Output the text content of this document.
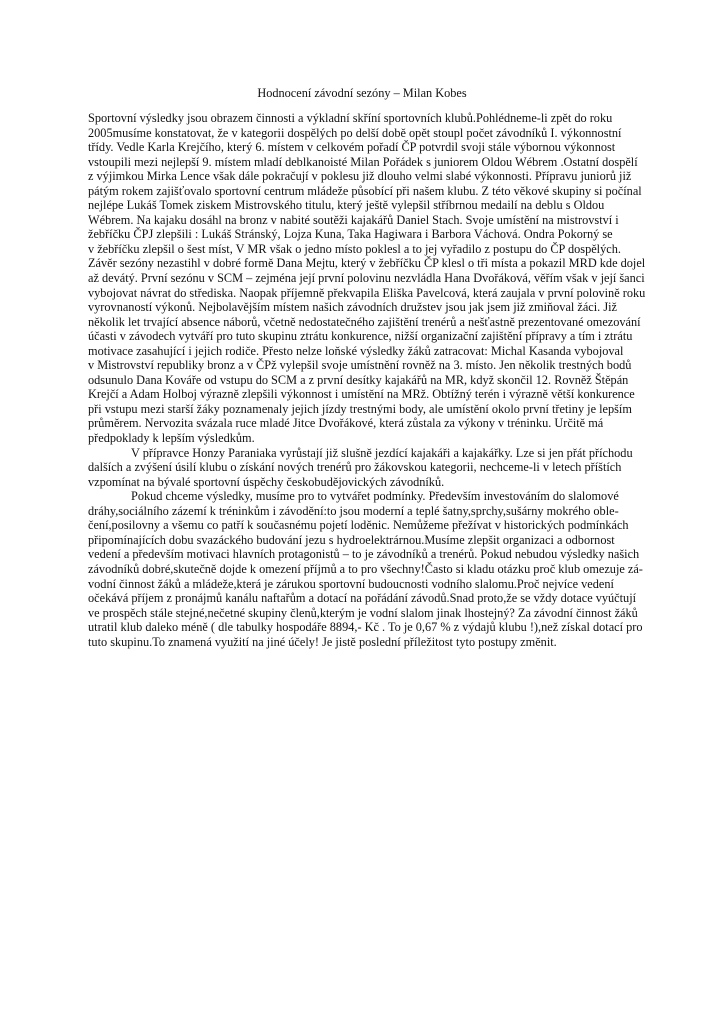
Hodnocení závodní sezóny – Milan Kobes

Sportovní výsledky jsou obrazem činnosti a výkladní skříní sportovních klubů.Pohlédneme-li zpět do roku
2005musíme konstatovat, že v kategorii dospělých po delší době opět stoupl počet závodníků I. výkonnostní
třídy. Vedle Karla Krejčího, který 6. místem v celkovém pořadí ČP potvrdil svoji stále výbornou výkonnost
vstoupili mezi nejlepší 9. místem mladí deblkanoisté Milan Pořádek s juniorem Oldou Wébrem .Ostatní dospělí
z výjimkou Mirka Lence však dále pokračují v poklesu již dlouho velmi slabé výkonnosti. Přípravu juniorů již
pátým rokem zajišťovalo sportovní centrum mládeže působící při našem klubu. Z této věkové skupiny si počínal
nejlépe Lukáš Tomek ziskem Mistrovského titulu, který ještě vylepšil stříbrnou medailí na deblu s Oldou
Wébrem. Na kajaku dosáhl na bronz v nabité soutěži kajakářů Daniel Stach. Svoje umístění na mistrovství i
žebříčku ČPJ zlepšili : Lukáš Stránský, Lojza Kuna, Taka Hagiwara i Barbora Váchová. Ondra Pokorný se
v žebříčku zlepšil o šest míst, V MR však o jedno místo poklesl a to jej vyřadilo z postupu do ČP dospělých.
Závěr sezóny nezastihl v dobré formě Dana Mejtu, který v žebříčku ČP klesl o tři místa a pokazil MRD kde dojel
až devátý. První sezónu v SCM – zejména její první polovinu nezvládla Hana Dvořáková, věřím však v její šanci
vybojovat návrat do střediska. Naopak příjemně překvapila Eliška Pavelcová, která zaujala v první polovině roku
vyrovnaností výkonů. Nejbolavějším místem našich závodních družstev jsou jak jsem již zmiňoval žáci. Již
několik let trvající absence náborů, včetně nedostatečného zajištění trenérů a nešťastně prezentované omezování
účasti v závodech vytváří pro tuto skupinu ztrátu konkurence, nižší organizační zajištění přípravy a tím i ztrátu
motivace zasahující i jejich rodiče. Přesto nelze loňské výsledky žáků zatracovat: Michal Kasanda vybojoval
v Mistrovství republiky bronz a v ČPž vylepšil svoje umístnění rovněž na 3. místo. Jen několik trestných bodů
odsunulo Dana Kováře od vstupu do SCM a z první desítky kajakářů na MR, když skončil 12. Rovněž Štěpán
Krejčí a Adam Holboj výrazně zlepšili výkonnost i umístění na MRž. Obtížný terén i výrazně větší konkurence
při vstupu mezi starší žáky poznamenaly jejich jízdy trestnými body, ale umístění okolo první třetiny je lepším
průměrem. Nervozita svázala ruce mladé Jitce Dvořákové, která zůstala za výkony v tréninku. Určitě má
předpoklady k lepším výsledkům.

V přípravce Honzy Paraniaka vyrůstají již slušně jezdící kajakáři a kajakářky. Lze si jen přát příchodu
dalších a zvýšení úsilí klubu o získání nových trenérů pro žákovskou kategorii, nechceme-li v letech příštích
vzpomínat na bývalé sportovní úspěchy českobudějovických závodníků.

Pokud chceme výsledky, musíme pro to vytvářet podmínky. Především investováním do slalomové
dráhy,sociálního zázemí k tréninkům i závodění:to jsou moderní a teplé šatny,sprchy,sušárny mokrého oble-
čení,posilovny a všemu co patří k současnému pojetí loděnic. Nemůžeme přežívat v historických podmínkách
připomínajících dobu svazáckého budování jezu s hydroelektrárnou.Musíme zlepšit organizaci a odbornost
vedení a především motivaci hlavních protagonistů – to je závodníků a trenérů. Pokud nebudou výsledky našich
závodníků dobré,skutečně dojde k omezení příjmů a to pro všechny!Často si kladu otázku proč klub omezuje zá-
vodní činnost žáků a mládeže,která je zárukou sportovní budoucnosti vodního slalomu.Proč nejvíce vedení
očekává příjem z pronájmů kanálu naftařům a dotací na pořádání závodů.Snad proto,že se vždy dotace vyúčtují
ve prospěch stále stejné,nečetné skupiny členů,kterým je vodní slalom jinak lhostejný? Za závodní činnost žáků
utratil klub daleko méně ( dle tabulky hospodáře 8894,- Kč . To je 0,67 % z výdajů klubu !),než získal dotací pro
tuto skupinu.To znamená využití na jiné účely! Je jistě poslední příležitost tyto postupy změnit.
